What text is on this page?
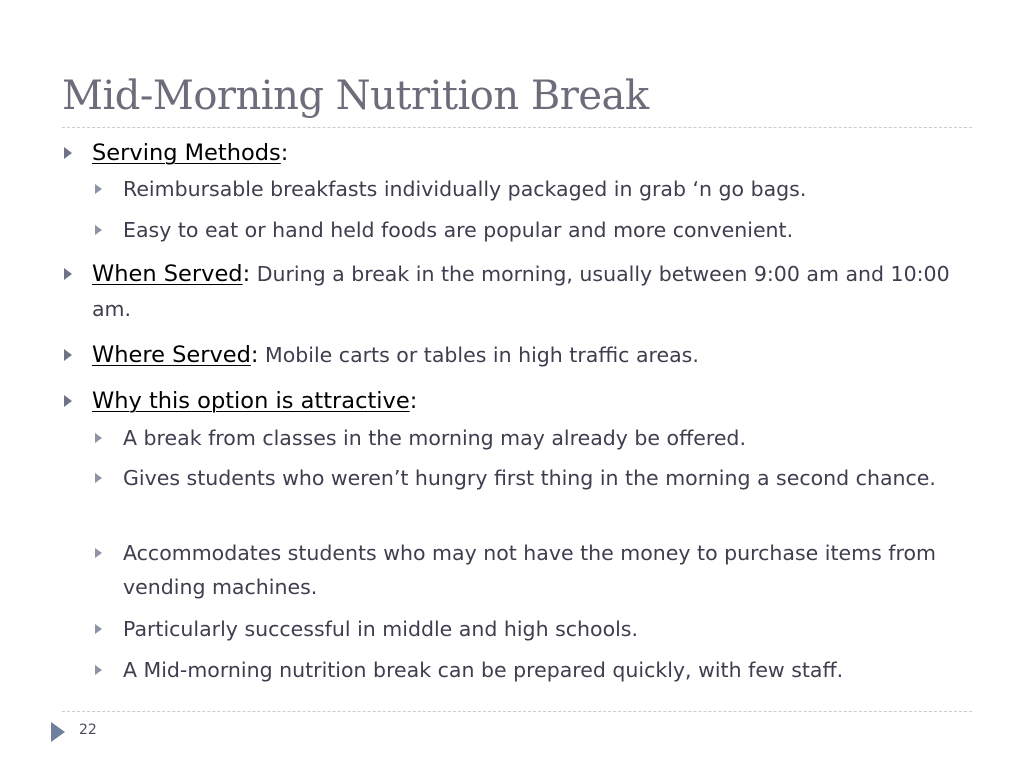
Mid-Morning Nutrition Break
Serving Methods:
Reimbursable breakfasts individually packaged in grab ‘n go bags.
Easy to eat or hand held foods are popular and more convenient.
When Served: During a break in the morning, usually between 9:00 am and 10:00 am.
Where Served: Mobile carts or tables in high traffic areas.
Why this option is attractive:
A break from classes in the morning may already be offered.
Gives students who weren’t hungry first thing in the morning a second chance.
Accommodates students who may not have the money to purchase items from vending machines.
Particularly successful in middle and high schools.
A Mid-morning nutrition break can be prepared quickly, with few staff.
22
